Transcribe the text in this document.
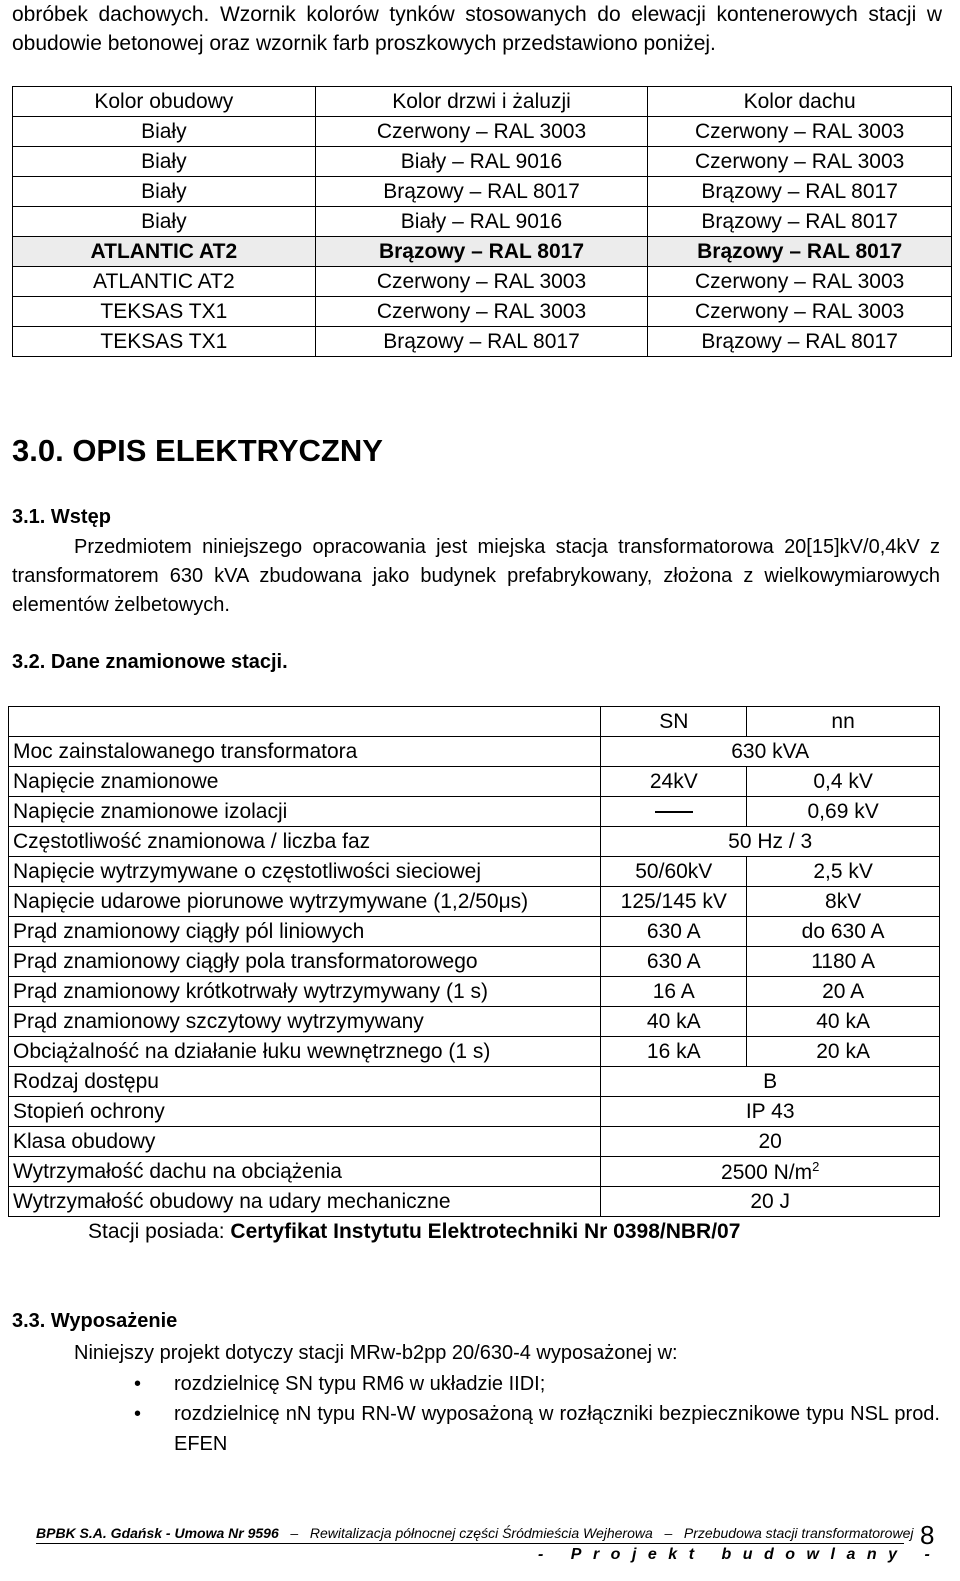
obróbek dachowych. Wzornik kolorów tynków stosowanych do elewacji kontenerowych stacji w

obudowie betonowej oraz wzornik farb proszkowych przedstawiono poniżej.

Kolor obudowy	Kolor drzwi i żaluzji	Kolor dachu
Biały	Czerwony – RAL 3003	Czerwony – RAL 3003
Biały	Biały – RAL 9016	Czerwony – RAL 3003
Biały	Brązowy – RAL 8017	Brązowy – RAL 8017
Biały	Biały – RAL 9016	Brązowy – RAL 8017
ATLANTIC AT2	Brązowy – RAL 8017	Brązowy – RAL 8017
ATLANTIC AT2	Czerwony – RAL 3003	Czerwony – RAL 3003
TEKSAS TX1	Czerwony – RAL 3003	Czerwony – RAL 3003
TEKSAS TX1	Brązowy – RAL 8017	Brązowy – RAL 8017
3.0. OPIS ELEKTRYCZNY
3.1. Wstęp

Przedmiotem niniejszego opracowania jest miejska stacja transformatorowa 20[15]kV/0,4kV z

transformatorem 630 kVA zbudowana jako budynek prefabrykowany, złożona z wielkowymiarowych

elementów żelbetowych.

3.2. Dane znamionowe stacji.
	SN	nn
Moc zainstalowanego transformatora	630 kVA	
Napięcie znamionowe	24kV	0,4 kV
Napięcie znamionowe izolacji		0,69 kV
Częstotliwość znamionowa / liczba faz	50 Hz / 3	
Napięcie wytrzymywane o częstotliwości sieciowej	50/60kV	2,5 kV
Napięcie udarowe piorunowe wytrzymywane (1,2/50μs)	125/145 kV	8kV
Prąd znamionowy ciągły pól liniowych	630 A	do 630 A
Prąd znamionowy ciągły pola transformatorowego	630 A	1180 A
Prąd znamionowy krótkotrwały wytrzymywany (1 s)	16 A	20 A
Prąd znamionowy szczytowy wytrzymywany	40 kA	40 kA
Obciążalność na działanie łuku wewnętrznego (1 s)	16 kA	20 kA
Rodzaj dostępu	B	
Stopień ochrony	IP 43	
Klasa obudowy	20	
Wytrzymałość dachu na obciążenia	2500 $N/m^2$
Wytrzymałość obudowy na udary mechaniczne	20 J	
Stacji posiada: Certyfikat Instytutu Elektrotechniki Nr 0398/NBR/07
3.3. Wyposażenie
Niniejszy projekt dotyczy stacji MRw-b2pp 20/630-4 wyposażonej w:
• rozdzielnicę SN typu RM6 w układzie IIDI;
• rozdzielnicę nN typu RN-W wyposażoną w rozłączniki bezpiecznikowe typu NSL prod. EFEN
BPBK S.A. Gdańsk - Umowa Nr 9596 – Rewitalizacja północnej części Śródmieścia Wejherowa – Przebudowa stacji transformatorowej 8
- Projekt budowlany -
